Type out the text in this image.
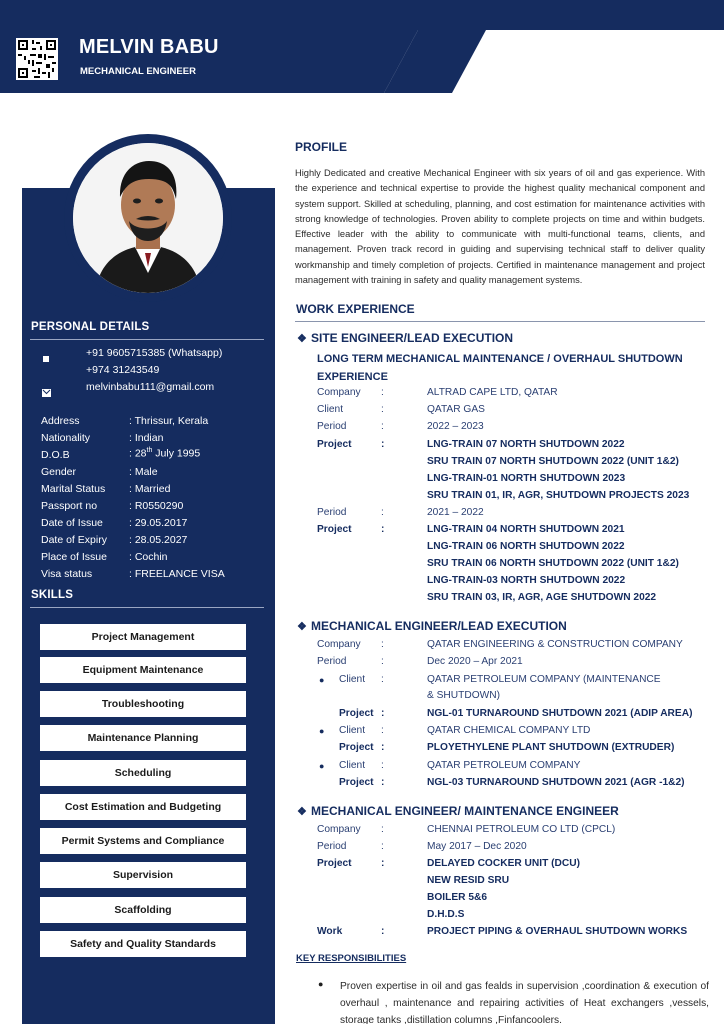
MELVIN BABU
MECHANICAL ENGINEER
PERSONAL DETAILS
+91 9605715385 (Whatsapp)
+974 31243549
melvinbabu111@gmail.com
Address	: Thrissur, Kerala
Nationality	: Indian
D.O.B	: 28th July 1995
Gender	: Male
Marital Status : Married
Passport no	: R0550290
Date of Issue : 29.05.2017
Date of Expiry : 28.05.2027
Place of Issue : Cochin
Visa status	: FREELANCE VISA
SKILLS
Project Management
Equipment Maintenance
Troubleshooting
Maintenance Planning
Scheduling
Cost Estimation and Budgeting
Permit Systems and Compliance
Supervision
Scaffolding
Safety and Quality Standards
PROFILE
Highly Dedicated and creative Mechanical Engineer with six years of oil and gas experience. With the experience and technical expertise to provide the highest quality mechanical component and system support. Skilled at scheduling, planning, and cost estimation for maintenance activities with strong knowledge of technologies. Proven ability to complete projects on time and within budgets. Effective leader with the ability to communicate with multi-functional teams, clients, and management. Proven track record in guiding and supervising technical staff to deliver quality workmanship and timely completion of projects. Certified in maintenance management and project management with training in safety and quality management systems.
WORK EXPERIENCE
❖ SITE ENGINEER/LEAD EXECUTION
LONG TERM MECHANICAL MAINTENANCE / OVERHAUL SHUTDOWN
EXPERIENCE
Company :	ALTRAD CAPE LTD, QATAR
Client	:	QATAR GAS
Period	:	2022 – 2023
Project	:	LNG-TRAIN 07 NORTH SHUTDOWN 2022
SRU TRAIN 07 NORTH SHUTDOWN 2022 (UNIT 1&2)
LNG-TRAIN-01 NORTH SHUTDOWN 2023
SRU TRAIN 01, IR, AGR, SHUTDOWN PROJECTS 2023
Period	:	2021 – 2022
Project	:	LNG-TRAIN 04 NORTH SHUTDOWN 2021
LNG-TRAIN 06 NORTH SHUTDOWN 2022
SRU TRAIN 06 NORTH SHUTDOWN 2022 (UNIT 1&2)
LNG-TRAIN-03 NORTH SHUTDOWN 2022
SRU TRAIN 03, IR, AGR, AGE SHUTDOWN 2022
❖ MECHANICAL ENGINEER/LEAD EXECUTION
Company :	QATAR ENGINEERING & CONSTRUCTION COMPANY
Period	:	Dec 2020 – Apr 2021
● Client :	QATAR PETROLEUM COMPANY (MAINTENANCE
& SHUTDOWN)
Project :	NGL-01 TURNAROUND SHUTDOWN 2021 (ADIP AREA)
● Client :	QATAR CHEMICAL COMPANY LTD
Project :	PLOYETHYLENE PLANT SHUTDOWN (EXTRUDER)
● Client :	QATAR PETROLEUM COMPANY
Project :	NGL-03 TURNAROUND SHUTDOWN 2021 (AGR -1&2)
❖ MECHANICAL ENGINEER/ MAINTENANCE ENGINEER
Company :	CHENNAI PETROLEUM CO LTD (CPCL)
Period	:	May 2017 – Dec 2020
Project	:	DELAYED COCKER UNIT (DCU)
NEW RESID SRU
BOILER 5&6
D.H.D.S
Work	:	PROJECT PIPING & OVERHAUL SHUTDOWN WORKS
KEY RESPONSIBILITIES
● Proven expertise in oil and gas fealds in supervision ,coordination & execution of overhaul , maintenance and repairing activities of Heat exchangers ,vessels, storage tanks ,distillation columns ,Finfancoolers.
